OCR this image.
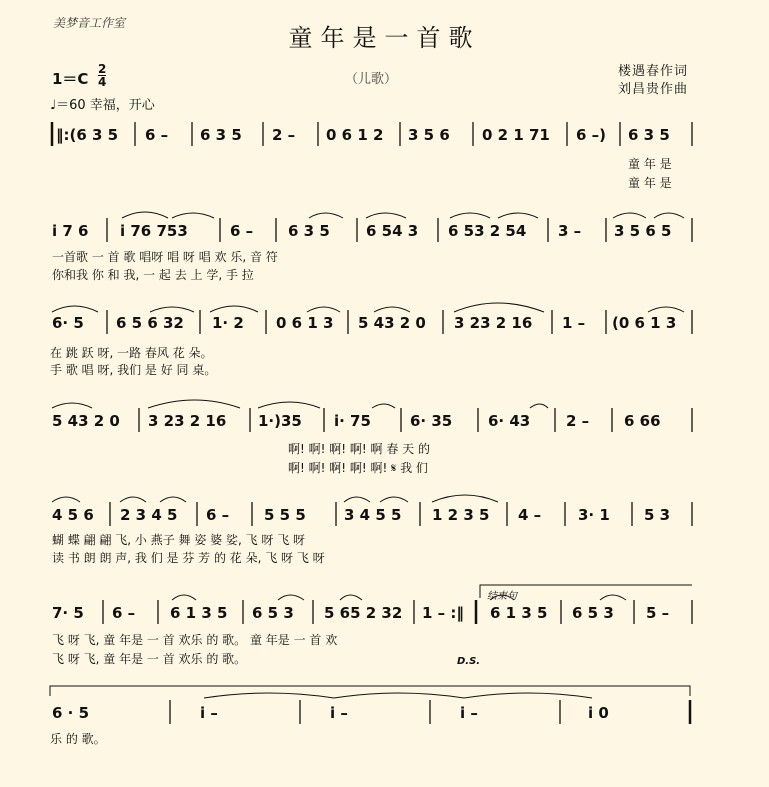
美梦音工作室
童年是一首歌
（儿歌）
楼遇春作词
刘昌贵作曲
1＝C
2
4
♩＝60 幸福，开心
‖:(6 3 5 6 – 6 3 5 2 – 0 6 1 2 3 5 6 0 2 1 71 6 –) 6 3 5
童 年 是
童 年 是
i 7 6 i 76 753	6 – 6 3 5 6 54 3 6 53 2 54 3 – 3 5 6 5
一首歌 一 首 歌 唱呀 唱 呀 唱 欢 乐, 音 符
你和我 你 和 我, 一 起 去 上 学, 手 拉
6· 5 6 5 6 32 1· 2 0 6 1 3 5 43 2 0 3 23 2 16 1 – (0 6 1 3
在 跳 跃 呀, 一路 春风 花 朵。
手 歌 唱 呀, 我们 是 好 同 桌。
5 43 2 0 3 23 2 16 1·)35 i· 75	6· 35 6· 43 2 – 6 66
啊! 啊! 啊! 啊! 啊 春 天 的
啊! 啊! 啊! 啊! 啊! 𝄋 我 们
4 5 6 2 3 4 5 6 – 5 5 5	3 4 5 5 1 2 3 5 4 – 3· 1 5 3
蝴 蝶 翩 翩 飞, 小 燕子 舞 姿 婆 娑, 飞 呀 飞 呀
读 书 朗 朗 声, 我 们 是 芬 芳 的 花 朵, 飞 呀 飞 呀
结束句
7· 5 6 – 6 1 3 5 6 5 3 5 65 2 32 1 – :‖ 6 1 3 5 6 5 3 5 –
飞 呀 飞, 童 年是 一 首 欢乐 的 歌。 童 年是 一 首 欢
飞 呀 飞, 童 年是 一 首 欢乐 的 歌。	D.S.
6 · 5	i –	i –	i –	i 0
乐 的 歌。
